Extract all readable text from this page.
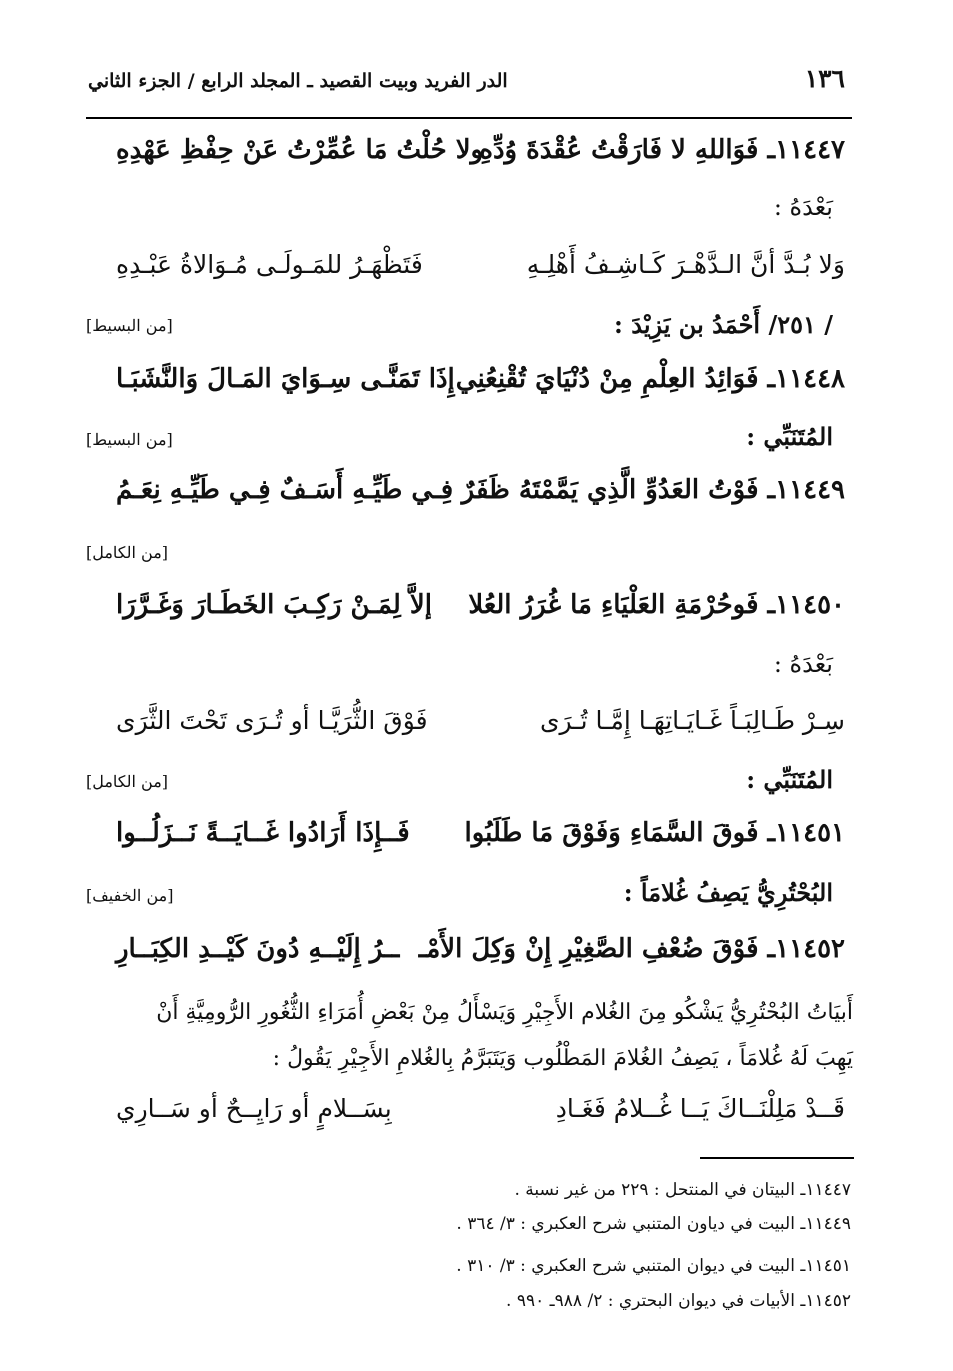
١٣٦
الدر الفريد وبيت القصيد ـ المجلد الرابع / الجزء الثاني
١١٤٤٧ـ فَوَاللهِ لا فَارَقْتُ عُقْدَةَ وُدِّهِ
ولا حُلْتُ مَا عُمِّرْتُ عَنْ حِفْظِ عَهْدِهِ
بَعْدَهُ :
وَلا بُـدَّ أنَّ الـدَّهْـرَ كَـاشِـفُ أَهْلِـهِ
فَتَظْهَـرُ للمَـولَـى مُـوَالاةُ عَبْـدِهِ
/ ٢٥١/ أَحْمَدُ بن يَزِيْدَ :
[من البسيط]
١١٤٤٨ـ فَوَائِدُ العِلْمِ مِنْ دُنْيَايَ تُقْنِعُنِي
إِذَا تَمَنَّـى سِـوَايَ المَـالَ وَالنَّشَبَـا
المُتَنَبِّي :
[من البسيط]
١١٤٤٩ـ فَوْتُ العَدُوِّ الَّذِي يَمَّمْتَهُ ظَفَرٌ
فِـي طَيِّـهِ أَسَـفٌ فِـي طَيِّـهِ نِعَـمُ
[من الكامل]
١١٤٥٠ـ فَوحُرْمَةِ العَلْيَاءِ مَا غُرَرُ العُلا
إلاَّ لِمَـنْ رَكِـبَ الخَطَـارَ وَغَـرَّرَا
بَعْدَهُ :
سِـرْ طَـالِبَـاً غَـايَـاتِهَـا إِمَّـا تُـرَى
فَوْقَ الثُّرَيَّـا أو تُـرَى تَحْتَ الثَّرَى
المُتَنَبِّي :
[من الكامل]
١١٤٥١ـ فَوقَ السَّمَاءِ وَفَوْقَ مَا طَلَبُوا
فَــإِذَا أَرَادُوا غَــايَــةً نَــزَلُــوا
البُحْتُرِيُّ يَصِفُ غُلامَاً :
[من الخفيف]
١١٤٥٢ـ فَوْقَ ضُعْفِ الصَّغِيْرِ إِنْ وَكِلَ الأَمْـ
ــرُ إِلَيْــهِ دُونَ كَيْــدِ الكِبَــارِ
أَبيَاتُ البُحْتُرِيُّ يَشْكُو مِنَ الغُلام الأَجِيْرِ وَيَسْأَلُ مِنْ بَعْضِ أُمَرَاءِ الثُّغُورِ الرُّومِيَّةِ أَنْ
يَهِبَ لَهُ غُلامَاً ، يَصِفُ الغُلامَ المَطْلُوب وَيَتَبَرَّمُ بِالغُلامِ الأَجِيْرِ يَقُولُ :
قَــدْ مَلِلْنَــاكَ يَــا غُــلامُ فَغَـادِ
بِسَــلامٍ أو رَايِــحٌ أو سَــارِي
١١٤٤٧ـ البيتان في المنتحل : ٢٢٩ من غير نسبة .
١١٤٤٩ـ البيت في دياون المتنبي شرح العكبري : ٣/ ٣٦٤ .
١١٤٥١ـ البيت في ديوان المتنبي شرح العكبري : ٣/ ٣١٠ .
١١٤٥٢ـ الأبيات في ديوان البحتري : ٢/ ٩٨٨ـ ٩٩٠ .
